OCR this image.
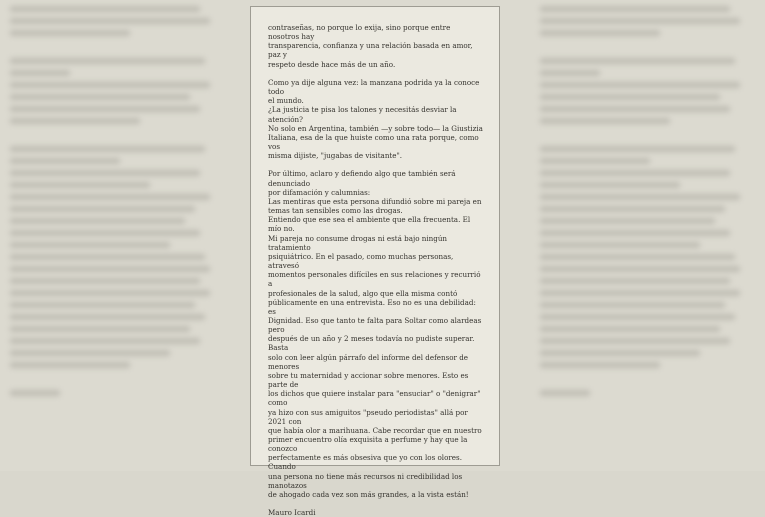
contraseñas, no porque lo exija, sino porque entre nosotros hay
transparencia, confianza y una relación basada en amor, paz y
respeto desde hace más de un año.

Como ya dije alguna vez: la manzana podrida ya la conoce todo
el mundo.
¿La justicia te pisa los talones y necesitás desviar la atención?
No solo en Argentina, también —y sobre todo— la Giustizia
Italiana, esa de la que huiste como una rata porque, como vos
misma dijiste, "jugabas de visitante".

Por último, aclaro y defiendo algo que también será denunciado
por difamación y calumnias:
Las mentiras que esta persona difundió sobre mi pareja en
temas tan sensibles como las drogas.
Entiendo que ese sea el ambiente que ella frecuenta. El mío no.
Mi pareja no consume drogas ni está bajo ningún tratamiento
psiquiátrico. En el pasado, como muchas personas, atravesó
momentos personales difíciles en sus relaciones y recurrió a
profesionales de la salud, algo que ella misma contó
públicamente en una entrevista. Eso no es una debilidad: es
Dignidad. Eso que tanto te falta para Soltar como alardeas pero
después de un año y 2 meses todavía no pudiste superar. Basta
solo con leer algún párrafo del informe del defensor de menores
sobre tu maternidad y accionar sobre menores. Esto es parte de
los dichos que quiere instalar para "ensuciar" o "denigrar" como
ya hizo con sus amiguitos "pseudo periodistas" allá por 2021 con
que había olor a marihuana. Cabe recordar que en nuestro
primer encuentro olía exquisita a perfume y hay que la conozco
perfectamente es más obsesiva que yo con los olores. Cuando
una persona no tiene más recursos ni credibilidad los manotazos
de ahogado cada vez son más grandes, a la vista están!

Mauro Icardi
